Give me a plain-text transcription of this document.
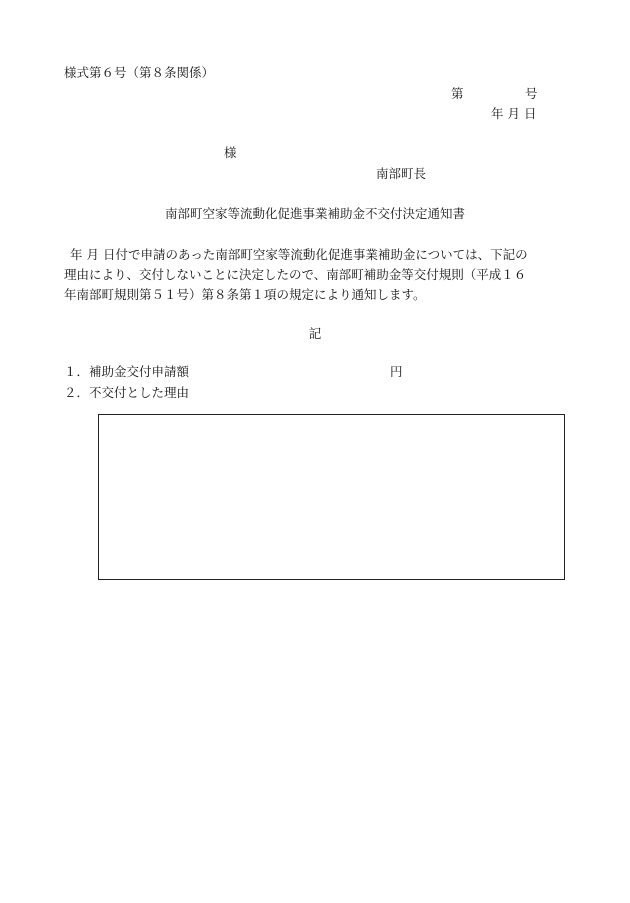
様式第６号（第８条関係）
第	号
年 月 日
様
南部町長
南部町空家等流動化促進事業補助金不交付決定通知書
年 月 日付で申請のあった南部町空家等流動化促進事業補助金については、下記の
理由により、交付しないことに決定したので、南部町補助金等交付規則（平成１６
年南部町規則第５１号）第８条第１項の規定により通知します。
記
１．補助金交付申請額	円
２．不交付とした理由
